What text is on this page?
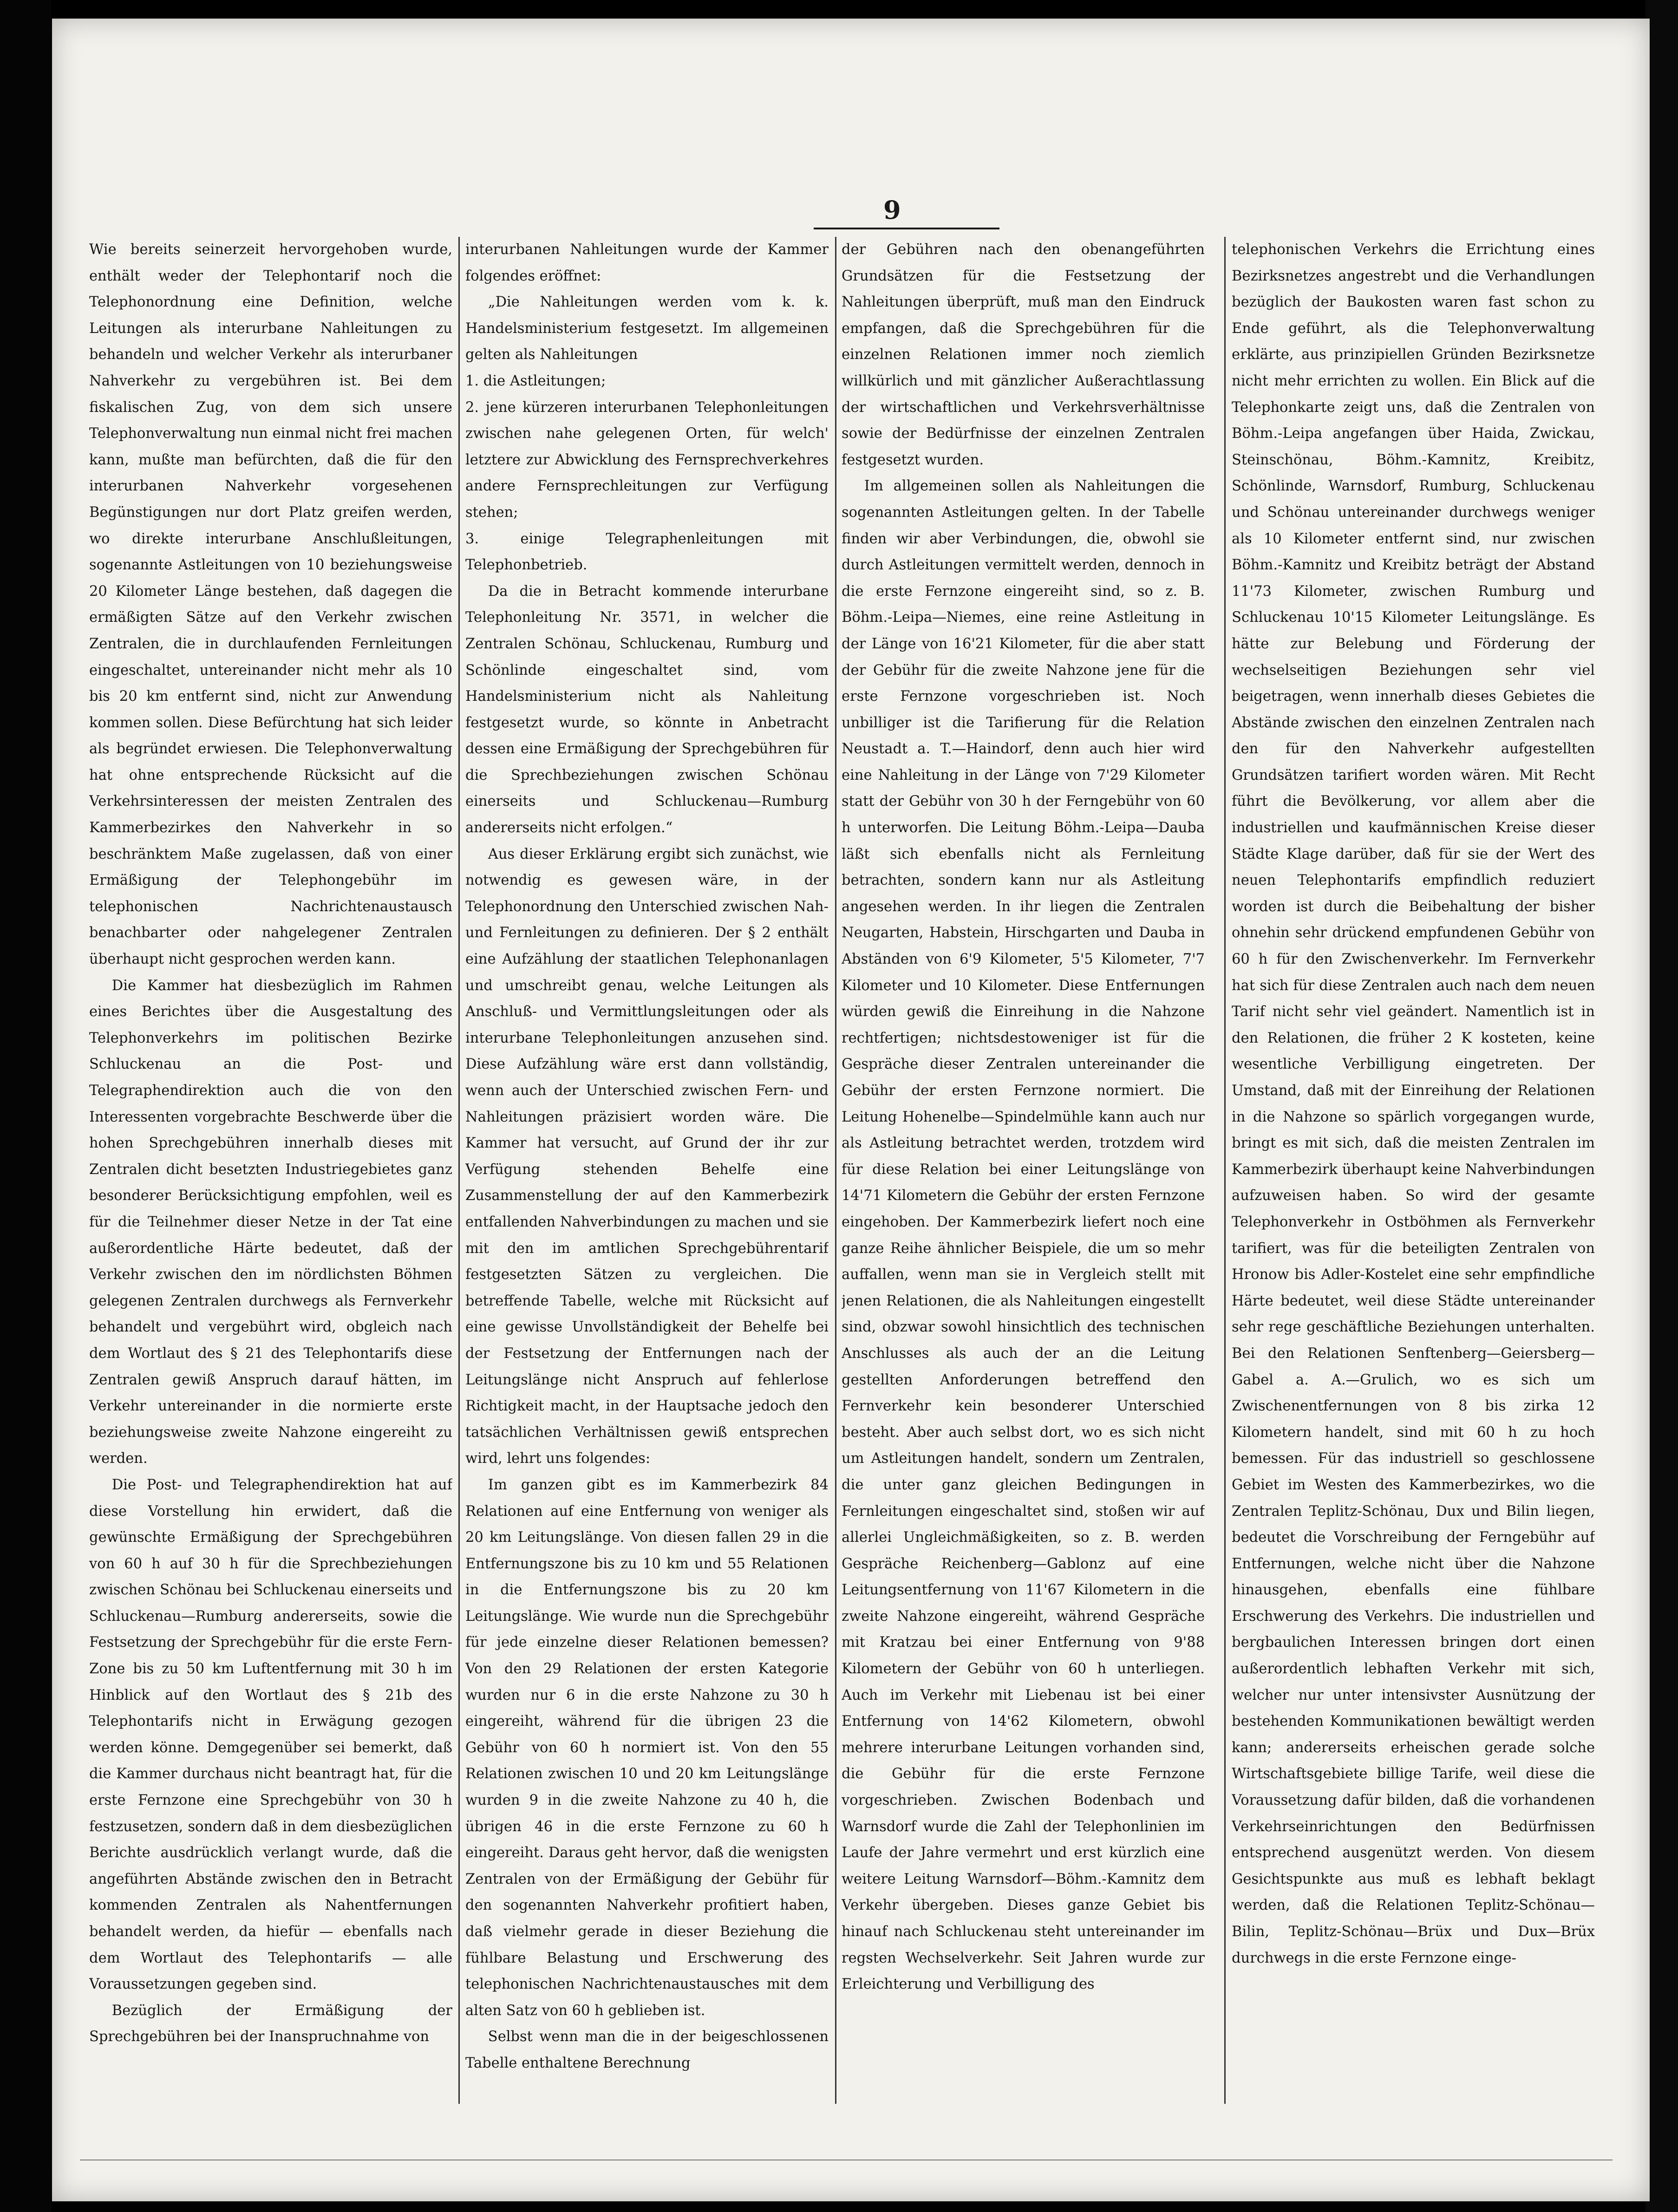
9

Wie bereits seinerzeit hervorgehoben wurde, enthält weder der Telephontarif noch die Telephonordnung eine Definition, welche Leitungen als interurbane Nahleitungen zu behandeln und welcher Verkehr als interurbaner Nahverkehr zu vergebühren ist. Bei dem fiskalischen Zug, von dem sich unsere Telephonverwaltung nun einmal nicht frei machen kann, mußte man befürchten, daß die für den interurbanen Nahverkehr vorgesehenen Begünstigungen nur dort Platz greifen werden, wo direkte interurbane Anschlußleitungen, sogenannte Astleitungen von 10 beziehungsweise 20 Kilometer Länge bestehen, daß dagegen die ermäßigten Sätze auf den Verkehr zwischen Zentralen, die in durchlaufenden Fernleitungen eingeschaltet, untereinander nicht mehr als 10 bis 20 km entfernt sind, nicht zur Anwendung kommen sollen. Diese Befürchtung hat sich leider als begründet erwiesen. Die Telephonverwaltung hat ohne entsprechende Rücksicht auf die Verkehrsinteressen der meisten Zentralen des Kammerbezirkes den Nahverkehr in so beschränktem Maße zugelassen, daß von einer Ermäßigung der Telephongebühr im telephonischen Nachrichtenaustausch benachbarter oder nahgelegener Zentralen überhaupt nicht gesprochen werden kann.

Die Kammer hat diesbezüglich im Rahmen eines Berichtes über die Ausgestaltung des Telephonverkehrs im politischen Bezirke Schluckenau an die Post- und Telegraphendirektion auch die von den Interessenten vorgebrachte Beschwerde über die hohen Sprechgebühren innerhalb dieses mit Zentralen dicht besetzten Industriegebietes ganz besonderer Berücksichtigung empfohlen, weil es für die Teilnehmer dieser Netze in der Tat eine außerordentliche Härte bedeutet, daß der Verkehr zwischen den im nördlichsten Böhmen gelegenen Zentralen durchwegs als Fernverkehr behandelt und vergebührt wird, obgleich nach dem Wortlaut des § 21 des Telephontarifs diese Zentralen gewiß Anspruch darauf hätten, im Verkehr untereinander in die normierte erste beziehungsweise zweite Nahzone eingereiht zu werden.

Die Post- und Telegraphendirektion hat auf diese Vorstellung hin erwidert, daß die gewünschte Ermäßigung der Sprechgebühren von 60 h auf 30 h für die Sprechbeziehungen zwischen Schönau bei Schluckenau einerseits und Schluckenau—Rumburg andererseits, sowie die Festsetzung der Sprechgebühr für die erste Fern-Zone bis zu 50 km Luftentfernung mit 30 h im Hinblick auf den Wortlaut des § 21b des Telephontarifs nicht in Erwägung gezogen werden könne. Demgegenüber sei bemerkt, daß die Kammer durchaus nicht beantragt hat, für die erste Fernzone eine Sprechgebühr von 30 h festzusetzen, sondern daß in dem diesbezüglichen Berichte ausdrücklich verlangt wurde, daß die angeführten Abstände zwischen den in Betracht kommenden Zentralen als Nahentfernungen behandelt werden, da hiefür — ebenfalls nach dem Wortlaut des Telephontarifs — alle Voraussetzungen gegeben sind.

Bezüglich der Ermäßigung der Sprechgebühren bei der Inanspruchnahme von

interurbanen Nahleitungen wurde der Kammer folgendes eröffnet:

„Die Nahleitungen werden vom k. k. Handelsministerium festgesetzt. Im allgemeinen gelten als Nahleitungen

1. die Astleitungen;

2. jene kürzeren interurbanen Telephonleitungen zwischen nahe gelegenen Orten, für welch' letztere zur Abwicklung des Fernsprechverkehres andere Fernsprechleitungen zur Verfügung stehen;

3. einige Telegraphenleitungen mit Telephonbetrieb.

Da die in Betracht kommende interurbane Telephonleitung Nr. 3571, in welcher die Zentralen Schönau, Schluckenau, Rumburg und Schönlinde eingeschaltet sind, vom Handelsministerium nicht als Nahleitung festgesetzt wurde, so könnte in Anbetracht dessen eine Ermäßigung der Sprechgebühren für die Sprechbeziehungen zwischen Schönau einerseits und Schluckenau—Rumburg andererseits nicht erfolgen.“

Aus dieser Erklärung ergibt sich zunächst, wie notwendig es gewesen wäre, in der Telephonordnung den Unterschied zwischen Nah- und Fernleitungen zu definieren. Der § 2 enthält eine Aufzählung der staatlichen Telephonanlagen und umschreibt genau, welche Leitungen als Anschluß- und Vermittlungsleitungen oder als interurbane Telephonleitungen anzusehen sind. Diese Aufzählung wäre erst dann vollständig, wenn auch der Unterschied zwischen Fern- und Nahleitungen präzisiert worden wäre. Die Kammer hat versucht, auf Grund der ihr zur Verfügung stehenden Behelfe eine Zusammenstellung der auf den Kammerbezirk entfallenden Nahverbindungen zu machen und sie mit den im amtlichen Sprechgebührentarif festgesetzten Sätzen zu vergleichen. Die betreffende Tabelle, welche mit Rücksicht auf eine gewisse Unvollständigkeit der Behelfe bei der Festsetzung der Entfernungen nach der Leitungslänge nicht Anspruch auf fehlerlose Richtigkeit macht, in der Hauptsache jedoch den tatsächlichen Verhältnissen gewiß entsprechen wird, lehrt uns folgendes:

Im ganzen gibt es im Kammerbezirk 84 Relationen auf eine Entfernung von weniger als 20 km Leitungslänge. Von diesen fallen 29 in die Entfernungszone bis zu 10 km und 55 Relationen in die Entfernungszone bis zu 20 km Leitungslänge. Wie wurde nun die Sprechgebühr für jede einzelne dieser Relationen bemessen? Von den 29 Relationen der ersten Kategorie wurden nur 6 in die erste Nahzone zu 30 h eingereiht, während für die übrigen 23 die Gebühr von 60 h normiert ist. Von den 55 Relationen zwischen 10 und 20 km Leitungslänge wurden 9 in die zweite Nahzone zu 40 h, die übrigen 46 in die erste Fernzone zu 60 h eingereiht. Daraus geht hervor, daß die wenigsten Zentralen von der Ermäßigung der Gebühr für den sogenannten Nahverkehr profitiert haben, daß vielmehr gerade in dieser Beziehung die fühlbare Belastung und Erschwerung des telephonischen Nachrichtenaustausches mit dem alten Satz von 60 h geblieben ist.

Selbst wenn man die in der beigeschlossenen Tabelle enthaltene Berechnung

der Gebühren nach den obenangeführten Grundsätzen für die Festsetzung der Nahleitungen überprüft, muß man den Eindruck empfangen, daß die Sprechgebühren für die einzelnen Relationen immer noch ziemlich willkürlich und mit gänzlicher Außerachtlassung der wirtschaftlichen und Verkehrsverhältnisse sowie der Bedürfnisse der einzelnen Zentralen festgesetzt wurden.

Im allgemeinen sollen als Nahleitungen die sogenannten Astleitungen gelten. In der Tabelle finden wir aber Verbindungen, die, obwohl sie durch Astleitungen vermittelt werden, dennoch in die erste Fernzone eingereiht sind, so z. B. Böhm.-Leipa—Niemes, eine reine Astleitung in der Länge von 16'21 Kilometer, für die aber statt der Gebühr für die zweite Nahzone jene für die erste Fernzone vorgeschrieben ist. Noch unbilliger ist die Tarifierung für die Relation Neustadt a. T.—Haindorf, denn auch hier wird eine Nahleitung in der Länge von 7'29 Kilometer statt der Gebühr von 30 h der Ferngebühr von 60 h unterworfen. Die Leitung Böhm.-Leipa—Dauba läßt sich ebenfalls nicht als Fernleitung betrachten, sondern kann nur als Astleitung angesehen werden. In ihr liegen die Zentralen Neugarten, Habstein, Hirschgarten und Dauba in Abständen von 6'9 Kilometer, 5'5 Kilometer, 7'7 Kilometer und 10 Kilometer. Diese Entfernungen würden gewiß die Einreihung in die Nahzone rechtfertigen; nichtsdestoweniger ist für die Gespräche dieser Zentralen untereinander die Gebühr der ersten Fernzone normiert. Die Leitung Hohenelbe—Spindelmühle kann auch nur als Astleitung betrachtet werden, trotzdem wird für diese Relation bei einer Leitungslänge von 14'71 Kilometern die Gebühr der ersten Fernzone eingehoben. Der Kammerbezirk liefert noch eine ganze Reihe ähnlicher Beispiele, die um so mehr auffallen, wenn man sie in Vergleich stellt mit jenen Relationen, die als Nahleitungen eingestellt sind, obzwar sowohl hinsichtlich des technischen Anschlusses als auch der an die Leitung gestellten Anforderungen betreffend den Fernverkehr kein besonderer Unterschied besteht. Aber auch selbst dort, wo es sich nicht um Astleitungen handelt, sondern um Zentralen, die unter ganz gleichen Bedingungen in Fernleitungen eingeschaltet sind, stoßen wir auf allerlei Ungleichmäßigkeiten, so z. B. werden Gespräche Reichenberg—Gablonz auf eine Leitungsentfernung von 11'67 Kilometern in die zweite Nahzone eingereiht, während Gespräche mit Kratzau bei einer Entfernung von 9'88 Kilometern der Gebühr von 60 h unterliegen. Auch im Verkehr mit Liebenau ist bei einer Entfernung von 14'62 Kilometern, obwohl mehrere interurbane Leitungen vorhanden sind, die Gebühr für die erste Fernzone vorgeschrieben. Zwischen Bodenbach und Warnsdorf wurde die Zahl der Telephonlinien im Laufe der Jahre vermehrt und erst kürzlich eine weitere Leitung Warnsdorf—Böhm.-Kamnitz dem Verkehr übergeben. Dieses ganze Gebiet bis hinauf nach Schluckenau steht untereinander im regsten Wechselverkehr. Seit Jahren wurde zur Erleichterung und Verbilligung des

telephonischen Verkehrs die Errichtung eines Bezirksnetzes angestrebt und die Verhandlungen bezüglich der Baukosten waren fast schon zu Ende geführt, als die Telephonverwaltung erklärte, aus prinzipiellen Gründen Bezirksnetze nicht mehr errichten zu wollen. Ein Blick auf die Telephonkarte zeigt uns, daß die Zentralen von Böhm.-Leipa angefangen über Haida, Zwickau, Steinschönau, Böhm.-Kamnitz, Kreibitz, Schönlinde, Warnsdorf, Rumburg, Schluckenau und Schönau untereinander durchwegs weniger als 10 Kilometer entfernt sind, nur zwischen Böhm.-Kamnitz und Kreibitz beträgt der Abstand 11'73 Kilometer, zwischen Rumburg und Schluckenau 10'15 Kilometer Leitungslänge. Es hätte zur Belebung und Förderung der wechselseitigen Beziehungen sehr viel beigetragen, wenn innerhalb dieses Gebietes die Abstände zwischen den einzelnen Zentralen nach den für den Nahverkehr aufgestellten Grundsätzen tarifiert worden wären. Mit Recht führt die Bevölkerung, vor allem aber die industriellen und kaufmännischen Kreise dieser Städte Klage darüber, daß für sie der Wert des neuen Telephontarifs empfindlich reduziert worden ist durch die Beibehaltung der bisher ohnehin sehr drückend empfundenen Gebühr von 60 h für den Zwischenverkehr. Im Fernverkehr hat sich für diese Zentralen auch nach dem neuen Tarif nicht sehr viel geändert. Namentlich ist in den Relationen, die früher 2 K kosteten, keine wesentliche Verbilligung eingetreten. Der Umstand, daß mit der Einreihung der Relationen in die Nahzone so spärlich vorgegangen wurde, bringt es mit sich, daß die meisten Zentralen im Kammerbezirk überhaupt keine Nahverbindungen aufzuweisen haben. So wird der gesamte Telephonverkehr in Ostböhmen als Fernverkehr tarifiert, was für die beteiligten Zentralen von Hronow bis Adler-Kostelet eine sehr empfindliche Härte bedeutet, weil diese Städte untereinander sehr rege geschäftliche Beziehungen unterhalten. Bei den Relationen Senftenberg—Geiersberg—Gabel a. A.—Grulich, wo es sich um Zwischenentfernungen von 8 bis zirka 12 Kilometern handelt, sind mit 60 h zu hoch bemessen. Für das industriell so geschlossene Gebiet im Westen des Kammerbezirkes, wo die Zentralen Teplitz-Schönau, Dux und Bilin liegen, bedeutet die Vorschreibung der Ferngebühr auf Entfernungen, welche nicht über die Nahzone hinausgehen, ebenfalls eine fühlbare Erschwerung des Verkehrs. Die industriellen und bergbaulichen Interessen bringen dort einen außerordentlich lebhaften Verkehr mit sich, welcher nur unter intensivster Ausnützung der bestehenden Kommunikationen bewältigt werden kann; andererseits erheischen gerade solche Wirtschaftsgebiete billige Tarife, weil diese die Voraussetzung dafür bilden, daß die vorhandenen Verkehrseinrichtungen den Bedürfnissen entsprechend ausgenützt werden. Von diesem Gesichtspunkte aus muß es lebhaft beklagt werden, daß die Relationen Teplitz-Schönau—Bilin, Teplitz-Schönau—Brüx und Dux—Brüx durchwegs in die erste Fernzone einge-
